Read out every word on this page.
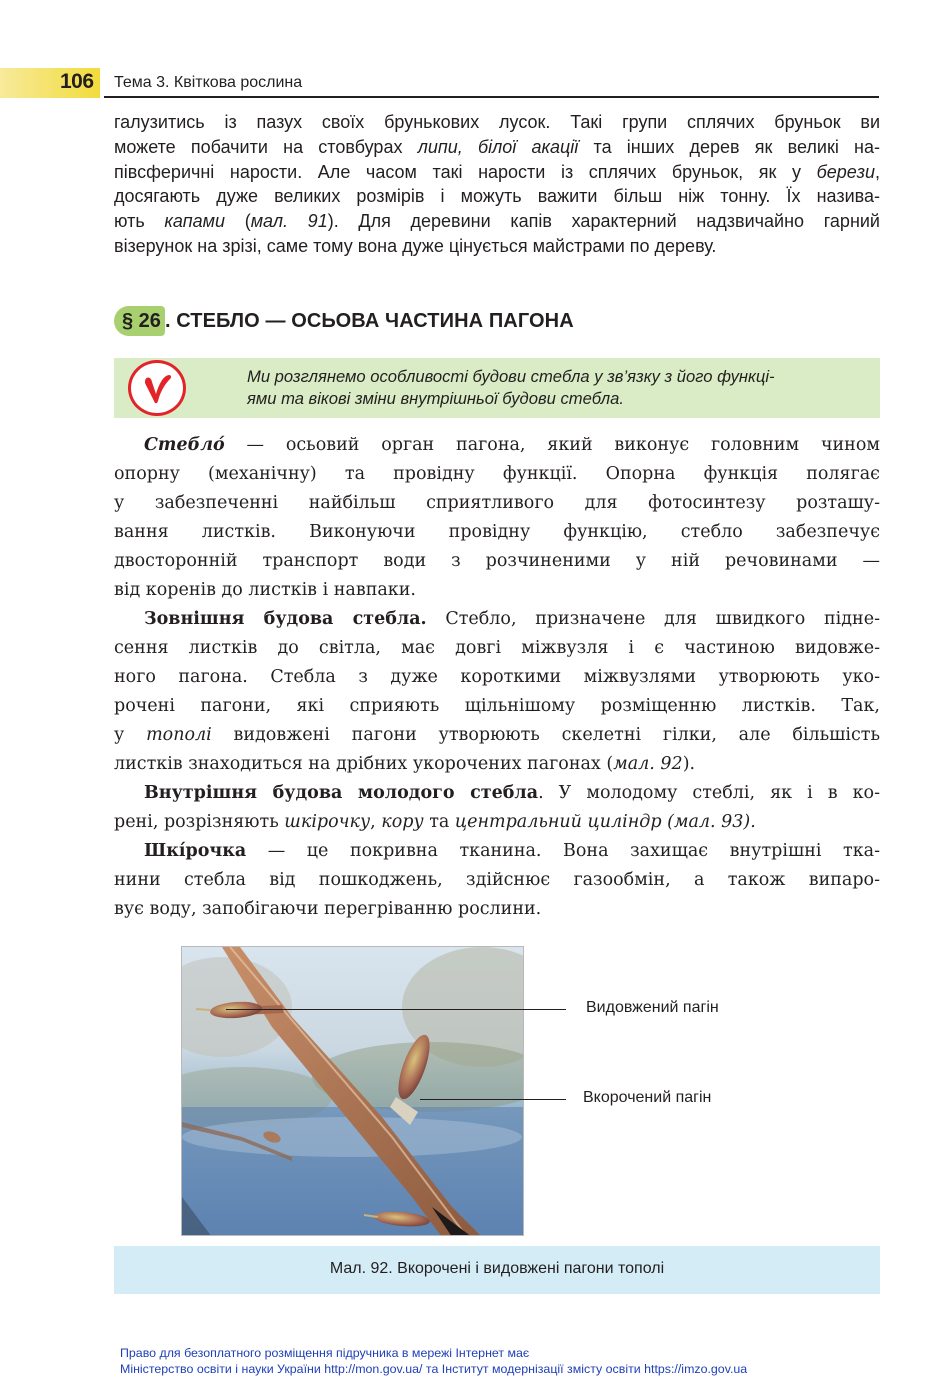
106 Тема 3. Квіткова рослина
галузитись із пазух своїх брунькових лусок. Такі групи сплячих бруньок ви
можете побачити на стовбурах липи, білої акації та інших дерев як великі на-
півсферичні нарости. Але часом такі нарости із сплячих бруньок, як у берези,
досягають дуже великих розмірів і можуть важити більш ніж тонну. Їх назива-
ють капами (мал. 91). Для деревини капів характерний надзвичайно гарний
візерунок на зрізі, саме тому вона дуже цінується майстрами по дереву.
§ 26 . СТЕБЛО — ОСЬОВА ЧАСТИНА ПАГОНА
Ми розглянемо особливості будови стебла у зв’язку з його функці-
ями та вікові зміни внутрішньої будови стебла.
Стебло́ — осьовий орган пагона, який виконує головним чином
опорну (механічну) та провідну функції. Опорна функція полягає
у забезпеченні найбільш сприятливого для фотосинтезу розташу-
вання листків. Виконуючи провідну функцію, стебло забезпечує
двосторонній транспорт води з розчиненими у ній речовинами —
від коренів до листків і навпаки.
Зовнішня будова стебла. Стебло, призначене для швидкого підне-
сення листків до світла, має довгі міжвузля і є частиною видовже-
ного пагона. Стебла з дуже короткими міжвузлями утворюють уко-
рочені пагони, які сприяють щільнішому розміщенню листків. Так,
у тополі видовжені пагони утворюють скелетні гілки, але більшість
листків знаходиться на дрібних укорочених пагонах (мал. 92).
Внутрішня будова молодого стебла. У молодому стеблі, як і в ко-
рені, розрізняють шкірочку, кору та центральний циліндр (мал. 93).
Шкі́рочка — це покривна тканина. Вона захищає внутрішні тка-
нини стебла від пошкоджень, здійснює газообмін, а також випаро-
вує воду, запобігаючи перегріванню рослини.
Видовжений пагін
Вкорочений пагін
Мал. 92. Вкорочені і видовжені пагони тополі
Право для безоплатного розміщення підручника в мережі Інтернет має
Міністерство освіти і науки України http://mon.gov.ua/ та Інститут модернізації змісту освіти https://imzo.gov.ua
